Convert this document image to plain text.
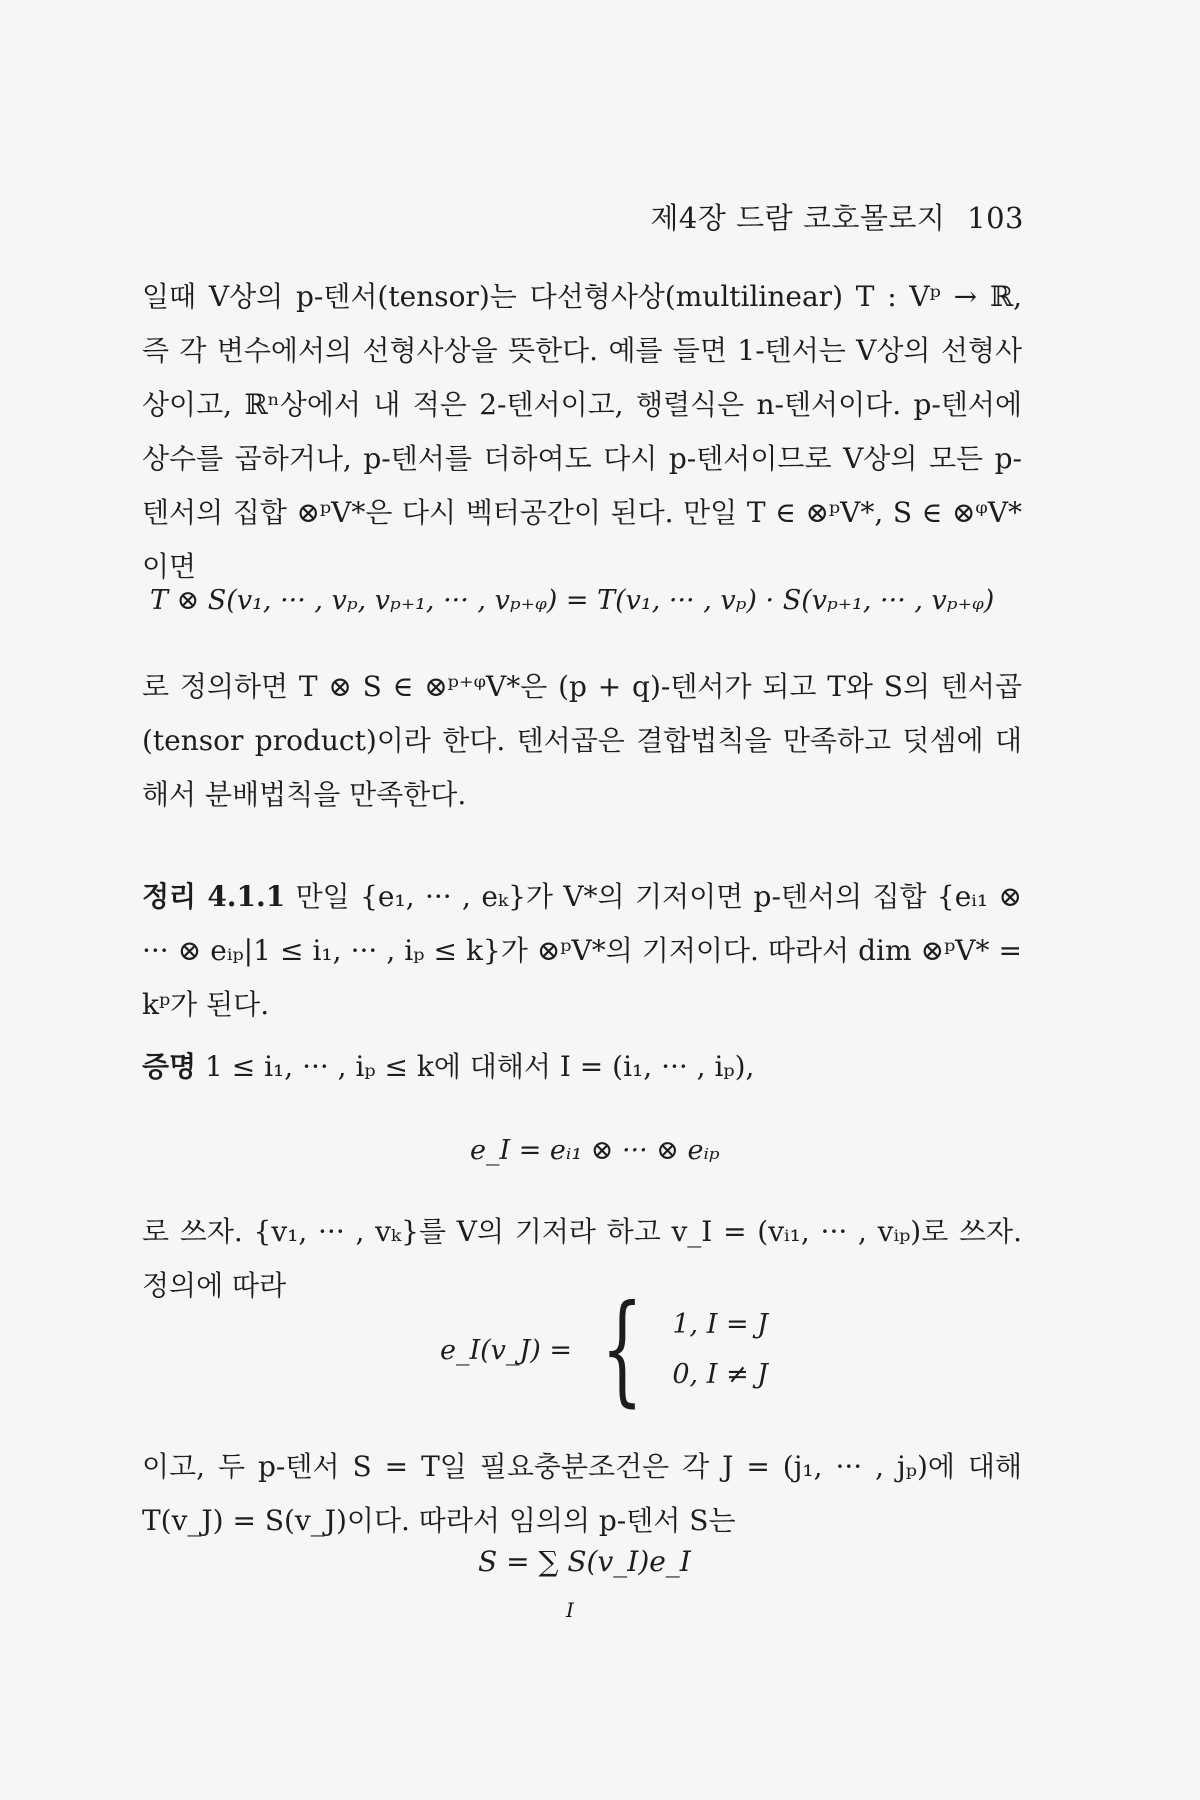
제4장 드람 코호몰로지 103
일때 V상의 p-텐서(tensor)는 다선형사상(multilinear) T : Vᵖ → ℝ, 즉 각 변수에서의 선형사상을 뜻한다. 예를 들면 1-텐서는 V상의 선형사상이고, ℝⁿ상에서 내 적은 2-텐서이고, 행렬식은 n-텐서이다. p-텐서에 상수를 곱하거나, p-텐서를 더하여도 다시 p-텐서이므로 V상의 모든 p-텐서의 집합 ⊗ᵖV*은 다시 벡터공간이 된다. 만일 T ∈ ⊗ᵖV*, S ∈ ⊗ᵠV*이면
T ⊗ S(v₁, ··· , vₚ, vₚ₊₁, ··· , vₚ₊ᵩ) = T(v₁, ··· , vₚ) · S(vₚ₊₁, ··· , vₚ₊ᵩ)
로 정의하면 T ⊗ S ∈ ⊗ᵖ⁺ᵠV*은 (p + q)-텐서가 되고 T와 S의 텐서곱(tensor product)이라 한다. 텐서곱은 결합법칙을 만족하고 덧셈에 대해서 분배법칙을 만족한다.
정리 4.1.1 만일 {e₁, ··· , eₖ}가 V*의 기저이면 p-텐서의 집합 {eᵢ₁ ⊗ ··· ⊗ eᵢₚ|1 ≤ i₁, ··· , iₚ ≤ k}가 ⊗ᵖV*의 기저이다. 따라서 dim ⊗ᵖV* = kᵖ가 된다.
증명 1 ≤ i₁, ··· , iₚ ≤ k에 대해서 I = (i₁, ··· , iₚ),
e_I = eᵢ₁ ⊗ ··· ⊗ eᵢₚ
로 쓰자. {v₁, ··· , vₖ}를 V의 기저라 하고 v_I = (vᵢ₁, ··· , vᵢₚ)로 쓰자. 정의에 따라
e_I(v_J) = { 1, I = J
0, I ≠ J
이고, 두 p-텐서 S = T일 필요충분조건은 각 J = (j₁, ··· , jₚ)에 대해 T(v_J) = S(v_J)이다. 따라서 임의의 p-텐서 S는
S = ∑ S(v_I)e_I
I
